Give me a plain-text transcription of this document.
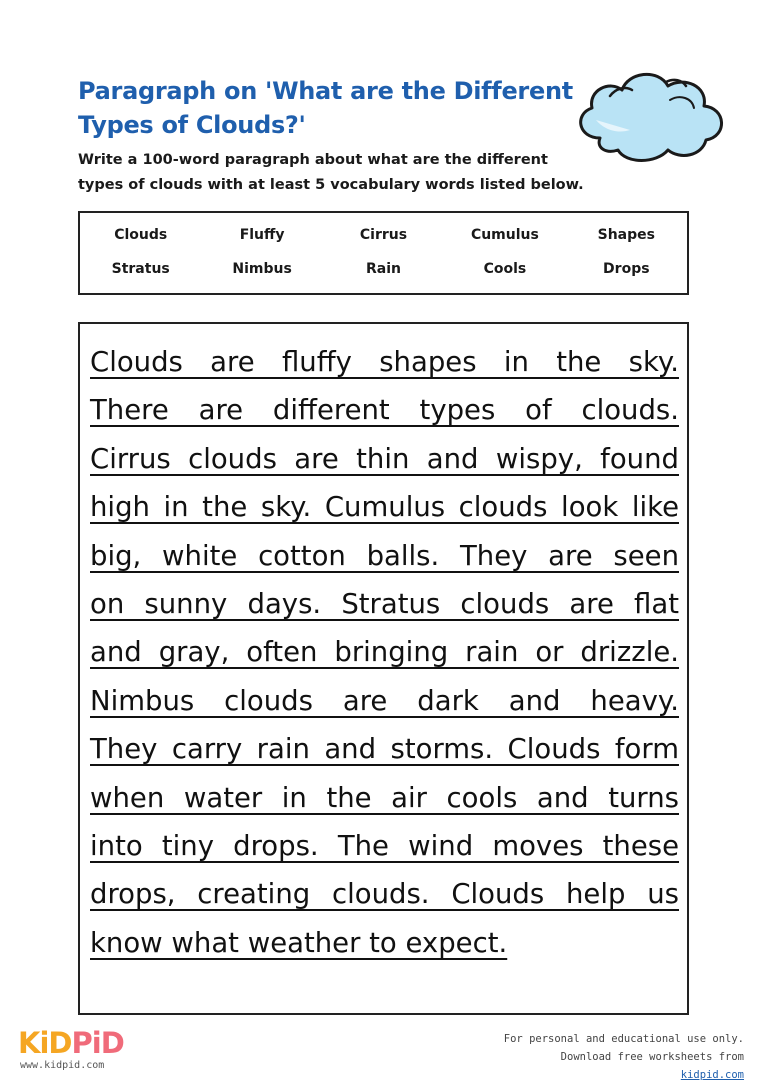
Paragraph on 'What are the Different
Types of Clouds?'
Write a 100-word paragraph about what are the different
types of clouds with at least 5 vocabulary words listed below.
Clouds	Fluffy	Cirrus	Cumulus	Shapes
Stratus	Nimbus	Rain	Cools	Drops
Clouds are fluffy shapes in the sky.
There are different types of clouds.
Cirrus clouds are thin and wispy, found
high in the sky. Cumulus clouds look like
big, white cotton balls. They are seen
on sunny days. Stratus clouds are flat
and gray, often bringing rain or drizzle.
Nimbus clouds are dark and heavy.
They carry rain and storms. Clouds form
when water in the air cools and turns
into tiny drops. The wind moves these
drops, creating clouds. Clouds help us
know what weather to expect.
KiDPiD
www.kidpid.com
For personal and educational use only.
Download free worksheets from
kidpid.com
